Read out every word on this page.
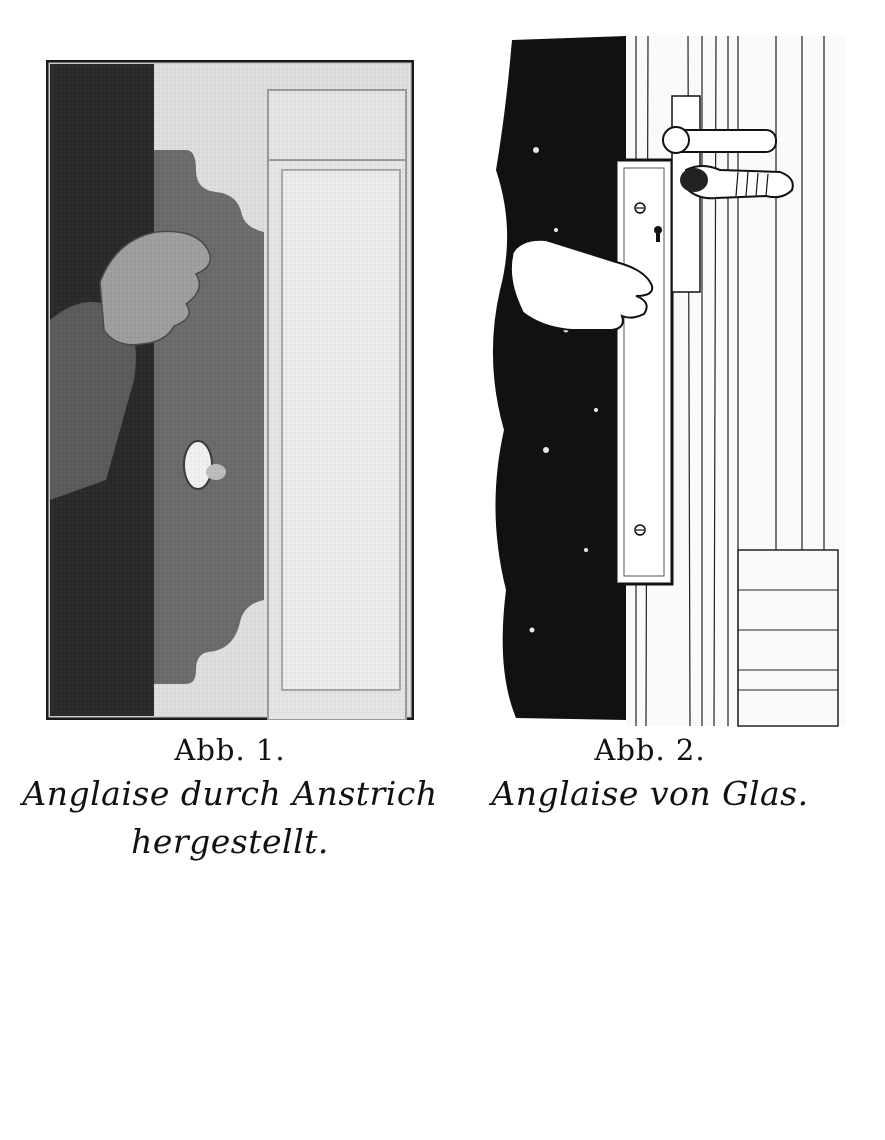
Abb. 1.

Anglaise durch Anstrich

hergestellt.

Abb. 2.

Anglaise von Glas.
